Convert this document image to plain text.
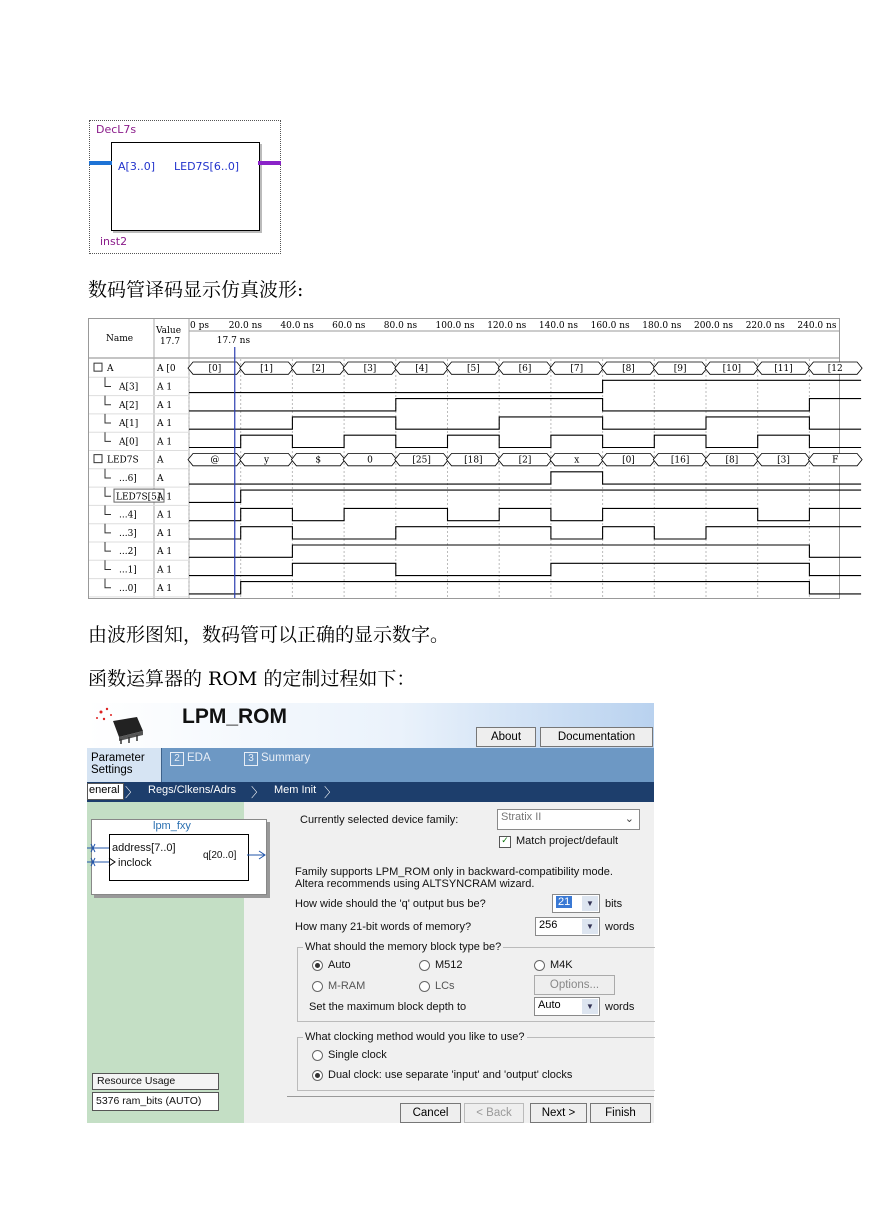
DecL7s
A[3..0] LED7S[6..0]
inst2
数码管译码显示仿真波形:
Name
Value
17.7
0 ps 20.0 ns 40.0 ns 60.0 ns 80.0 ns 100.0 ns 120.0 ns 140.0 ns 160.0 ns 180.0 ns 200.0 ns 220.0 ns 240.0 ns
17.7 ns
A	A [0	[0]	[1]	[2]	[3]	[4]	[5]	[6]	[7]	[8]	[9]	[10]	[11]	[12
A[3] A 1
A[2] A 1
A[1] A 1
A[0] A 1
LED7S A	@	y	$	0	[25]	[18]	[2]	x	[0]	[16]	[8]	[3]	F
...6] A
LED7S[5]
A 1
...4] A 1
...3] A 1
...2] A 1
...1] A 1
...0] A 1
由波形图知，数码管可以正确的显示数字。
函数运算器的 ROM 的定制过程如下：
LPM_ROM
About	Documentation
Parameter Settings
2 EDA	3 Summary
eneral 〉 Regs/Clkens/Adrs 〉 Mem Init 〉
lpm_fxy
address[7..0]
inclock
q[20..0]
Resource Usage
5376 ram_bits (AUTO)
Currently selected device family:	Stratix II	⌄
✓ Match project/default
Family supports LPM_ROM only in backward-compatibility mode.
Altera recommends using ALTSYNCRAM wizard.
How wide should the 'q' output bus be?	21	▼	bits
How many 21-bit words of memory?	256	▼	words
What should the memory block type be?
Auto	M512	M4K
M-RAM	LCs	Options...
Set the maximum block depth to	Auto	▼	words
What clocking method would you like to use?
Single clock
Dual clock: use separate 'input' and 'output' clocks
Cancel	< Back	Next >	Finish
